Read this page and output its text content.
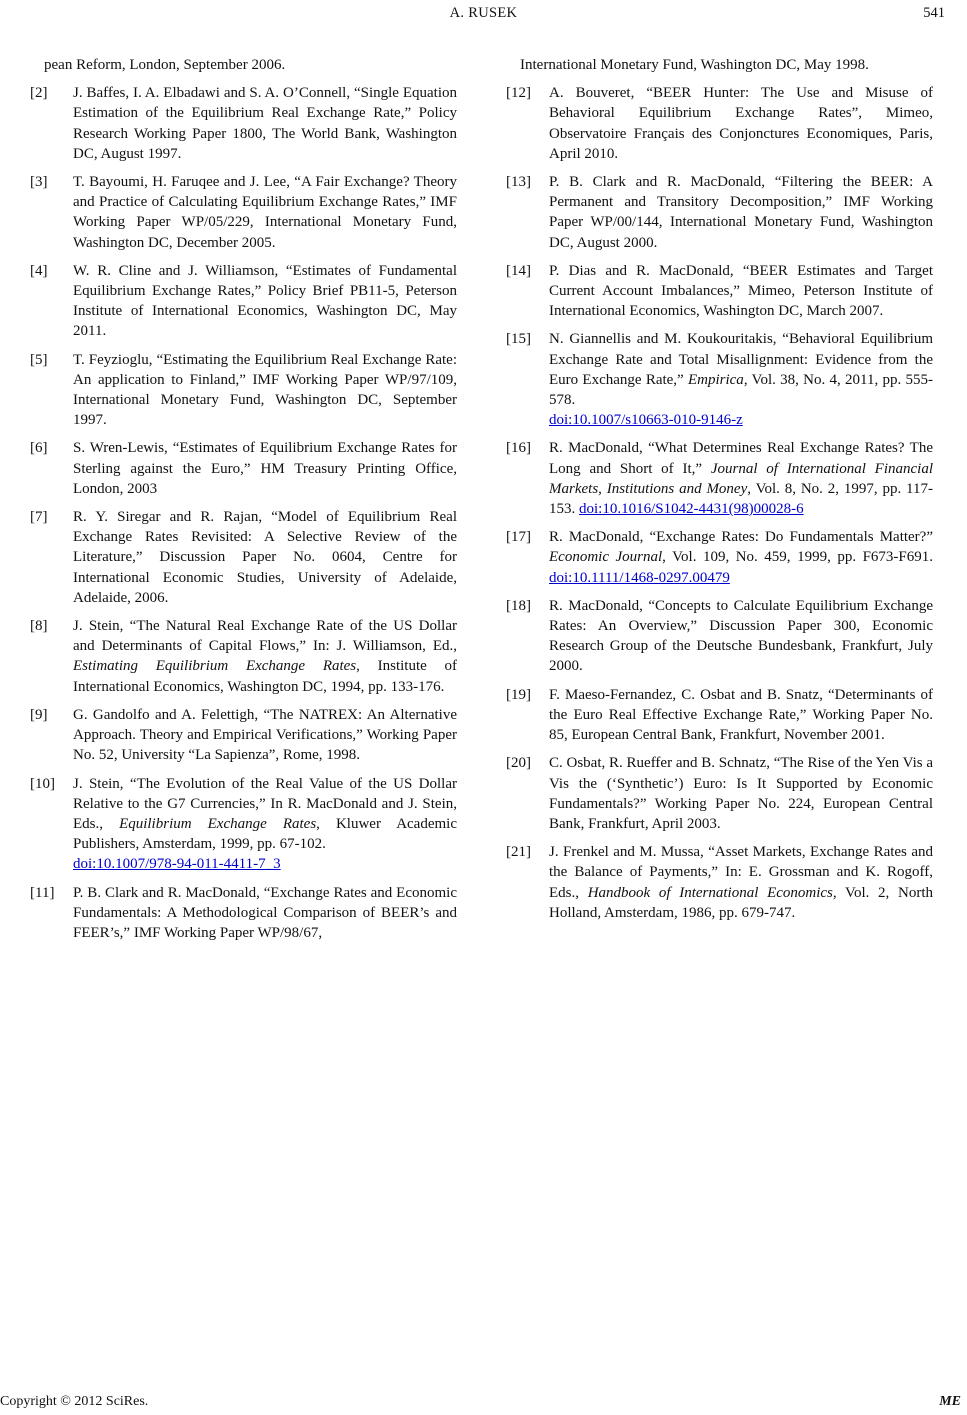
A. RUSEK	541
pean Reform, London, September 2006.
[2] J. Baffes, I. A. Elbadawi and S. A. O’Connell, “Single Equation Estimation of the Equilibrium Real Exchange Rate,” Policy Research Working Paper 1800, The World Bank, Washington DC, August 1997.
[3] T. Bayoumi, H. Faruqee and J. Lee, “A Fair Exchange? Theory and Practice of Calculating Equilibrium Exchange Rates,” IMF Working Paper WP/05/229, International Monetary Fund, Washington DC, December 2005.
[4] W. R. Cline and J. Williamson, “Estimates of Fundamental Equilibrium Exchange Rates,” Policy Brief PB11-5, Peterson Institute of International Economics, Washington DC, May 2011.
[5] T. Feyzioglu, “Estimating the Equilibrium Real Exchange Rate: An application to Finland,” IMF Working Paper WP/97/109, International Monetary Fund, Washington DC, September 1997.
[6] S. Wren-Lewis, “Estimates of Equilibrium Exchange Rates for Sterling against the Euro,” HM Treasury Printing Office, London, 2003
[7] R. Y. Siregar and R. Rajan, “Model of Equilibrium Real Exchange Rates Revisited: A Selective Review of the Literature,” Discussion Paper No. 0604, Centre for International Economic Studies, University of Adelaide, Adelaide, 2006.
[8] J. Stein, “The Natural Real Exchange Rate of the US Dollar and Determinants of Capital Flows,” In: J. Williamson, Ed., Estimating Equilibrium Exchange Rates, Institute of International Economics, Washington DC, 1994, pp. 133-176.
[9] G. Gandolfo and A. Felettigh, “The NATREX: An Alternative Approach. Theory and Empirical Verifications,” Working Paper No. 52, University “La Sapienza”, Rome, 1998.
[10] J. Stein, “The Evolution of the Real Value of the US Dollar Relative to the G7 Currencies,” In R. MacDonald and J. Stein, Eds., Equilibrium Exchange Rates, Kluwer Academic Publishers, Amsterdam, 1999, pp. 67-102.
doi:10.1007/978-94-011-4411-7_3
[11] P. B. Clark and R. MacDonald, “Exchange Rates and Economic Fundamentals: A Methodological Comparison of BEER’s and FEER’s,” IMF Working Paper WP/98/67,
International Monetary Fund, Washington DC, May 1998.
[12] A. Bouveret, “BEER Hunter: The Use and Misuse of Behavioral Equilibrium Exchange Rates”, Mimeo, Observatoire Français des Conjonctures Economiques, Paris, April 2010.
[13] P. B. Clark and R. MacDonald, “Filtering the BEER: A Permanent and Transitory Decomposition,” IMF Working Paper WP/00/144, International Monetary Fund, Washington DC, August 2000.
[14] P. Dias and R. MacDonald, “BEER Estimates and Target Current Account Imbalances,” Mimeo, Peterson Institute of International Economics, Washington DC, March 2007.
[15] N. Giannellis and M. Koukouritakis, “Behavioral Equilibrium Exchange Rate and Total Misallignment: Evidence from the Euro Exchange Rate,” Empirica, Vol. 38, No. 4, 2011, pp. 555-578.
doi:10.1007/s10663-010-9146-z
[16] R. MacDonald, “What Determines Real Exchange Rates? The Long and Short of It,” Journal of International Financial Markets, Institutions and Money, Vol. 8, No. 2, 1997, pp. 117-153. doi:10.1016/S1042-4431(98)00028-6
[17] R. MacDonald, “Exchange Rates: Do Fundamentals Matter?” Economic Journal, Vol. 109, No. 459, 1999, pp. F673-F691. doi:10.1111/1468-0297.00479
[18] R. MacDonald, “Concepts to Calculate Equilibrium Exchange Rates: An Overview,” Discussion Paper 300, Economic Research Group of the Deutsche Bundesbank, Frankfurt, July 2000.
[19] F. Maeso-Fernandez, C. Osbat and B. Snatz, “Determinants of the Euro Real Effective Exchange Rate,” Working Paper No. 85, European Central Bank, Frankfurt, November 2001.
[20] C. Osbat, R. Rueffer and B. Schnatz, “The Rise of the Yen Vis a Vis the (‘Synthetic’) Euro: Is It Supported by Economic Fundamentals?” Working Paper No. 224, European Central Bank, Frankfurt, April 2003.
[21] J. Frenkel and M. Mussa, “Asset Markets, Exchange Rates and the Balance of Payments,” In: E. Grossman and K. Rogoff, Eds., Handbook of International Economics, Vol. 2, North Holland, Amsterdam, 1986, pp. 679-747.
Copyright © 2012 SciRes.	ME
